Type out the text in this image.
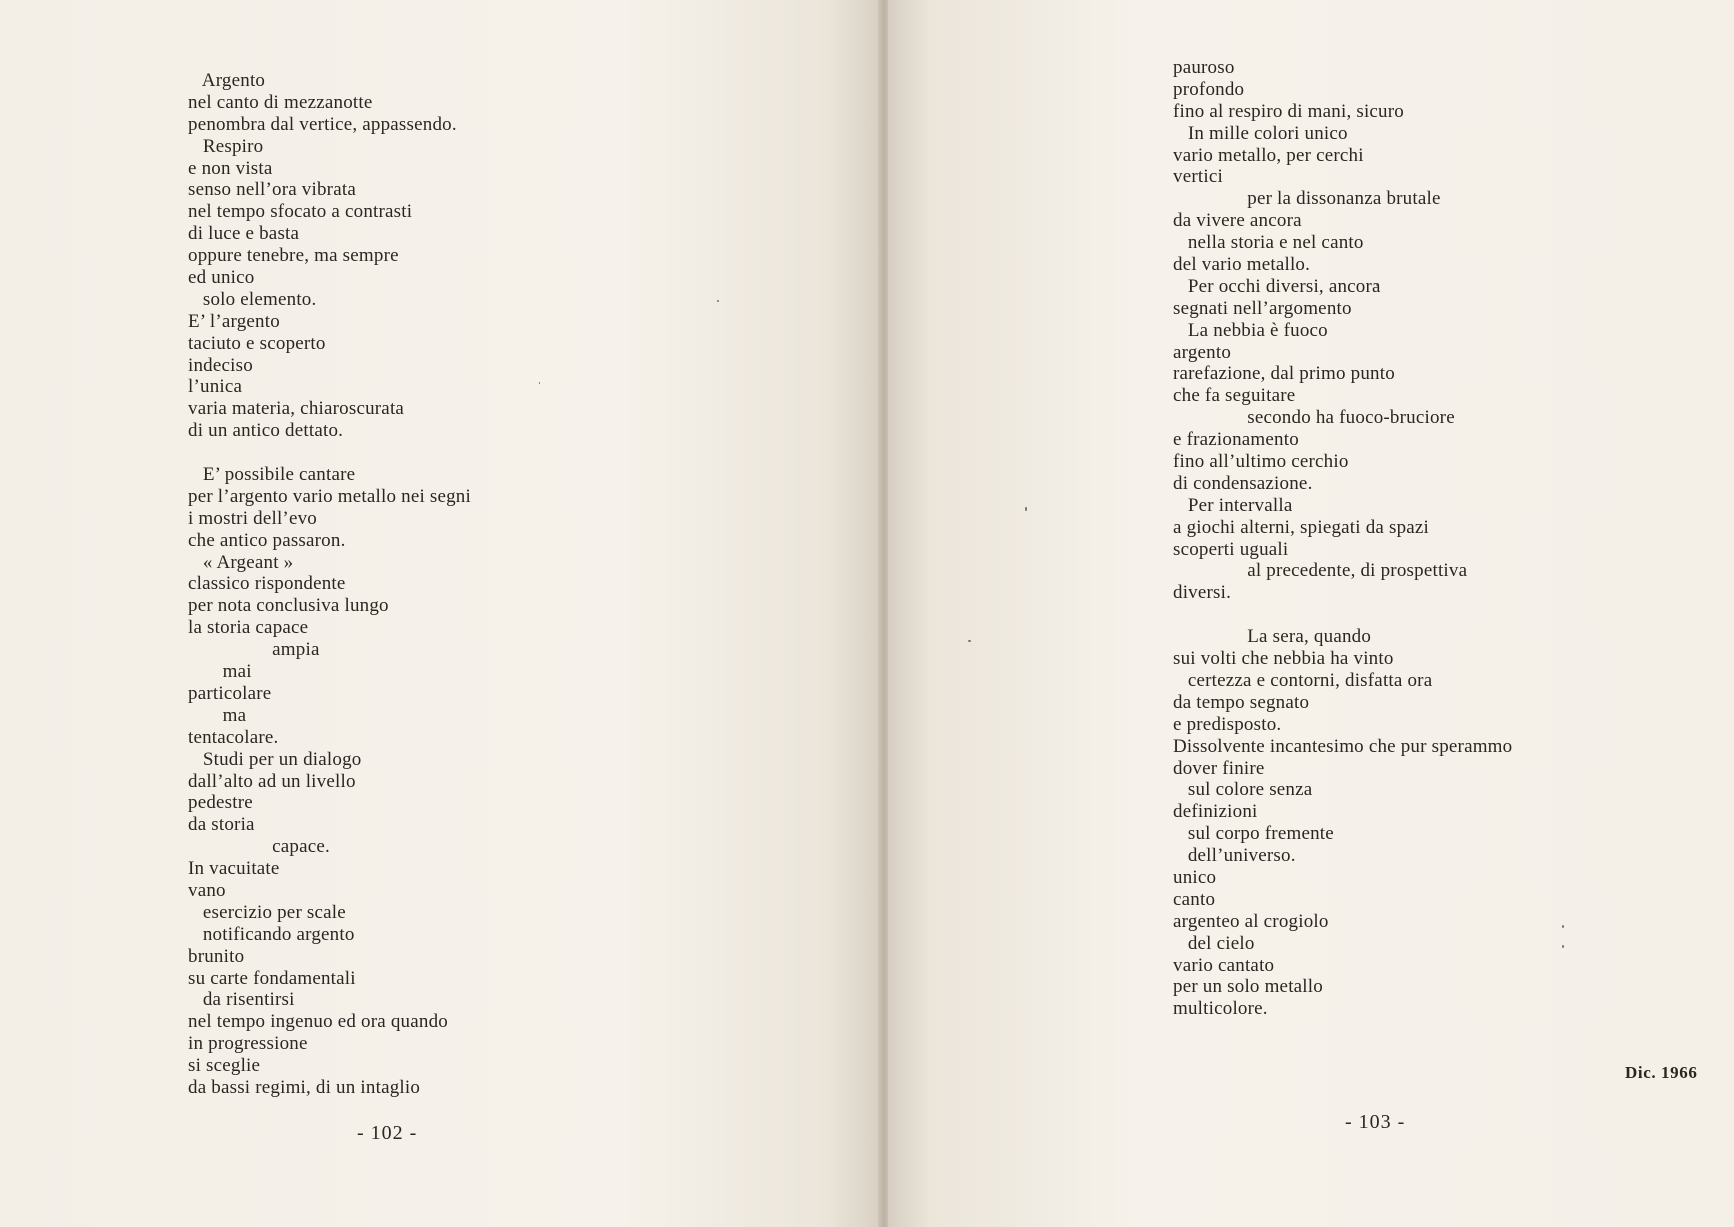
Argento
nel canto di mezzanotte
penombra dal vertice, appassendo.
Respiro
e non vista
senso nell’ora vibrata
nel tempo sfocato a contrasti
di luce e basta
oppure tenebre, ma sempre
ed unico
solo elemento.
E’ l’argento
taciuto e scoperto
indeciso
l’unica
varia materia, chiaroscurata
di un antico dettato.
E’ possibile cantare
per l’argento vario metallo nei segni
i mostri dell’evo
che antico passaron.
« Argeant »
classico rispondente
per nota conclusiva lungo
la storia capace
ampia
mai
particolare
ma
tentacolare.
Studi per un dialogo
dall’alto ad un livello
pedestre
da storia
capace.
In vacuitate
vano
esercizio per scale
notificando argento
brunito
su carte fondamentali
da risentirsi
nel tempo ingenuo ed ora quando
in progressione
si sceglie
da bassi regimi, di un intaglio
- 102 -
pauroso
profondo
fino al respiro di mani, sicuro
In mille colori unico
vario metallo, per cerchi
vertici
per la dissonanza brutale
da vivere ancora
nella storia e nel canto
del vario metallo.
Per occhi diversi, ancora
segnati nell’argomento
La nebbia è fuoco
argento
rarefazione, dal primo punto
che fa seguitare
secondo ha fuoco-bruciore
e frazionamento
fino all’ultimo cerchio
di condensazione.
Per intervalla
a giochi alterni, spiegati da spazi
scoperti uguali
al precedente, di prospettiva
diversi.
La sera, quando
sui volti che nebbia ha vinto
certezza e contorni, disfatta ora
da tempo segnato
e predisposto.
Dissolvente incantesimo che pur sperammo
dover finire
sul colore senza
definizioni
sul corpo fremente
dell’universo.
unico
canto
argenteo al crogiolo
del cielo
vario cantato
per un solo metallo
multicolore.
Dic. 1966
- 103 -
